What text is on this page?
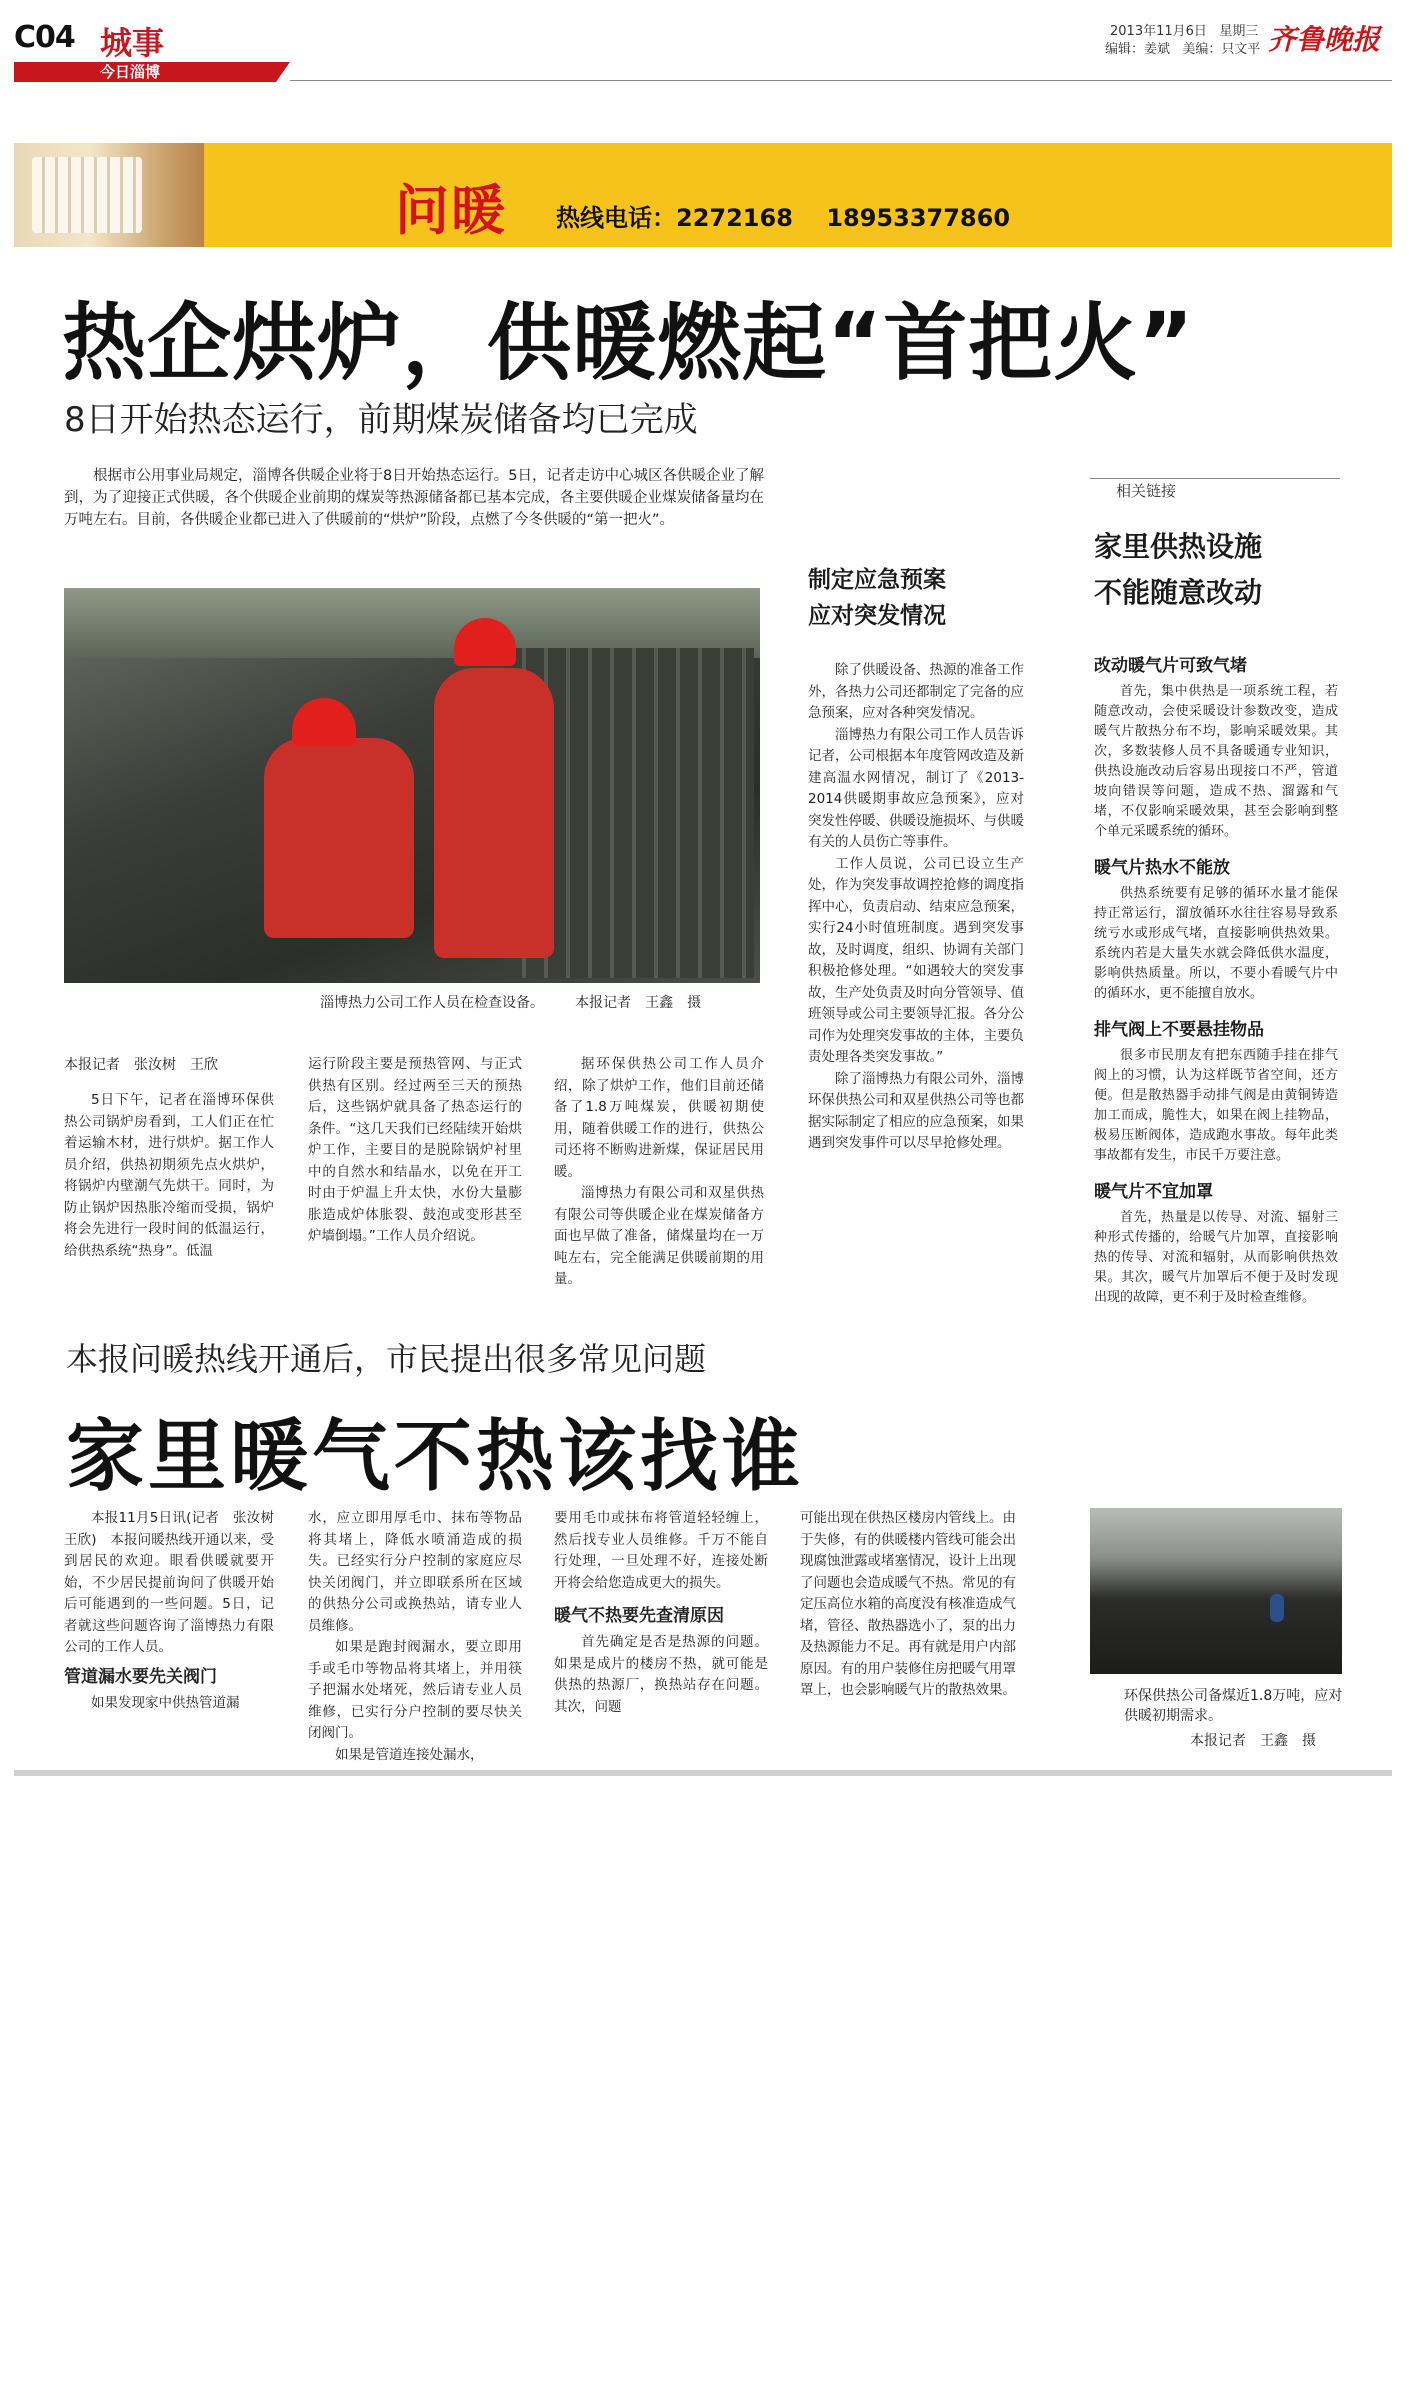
C04 城事
今日淄博
2013年11月6日 星期三
编辑：姜斌 美编：只文平 齐鲁晚报
问暖 热线电话：2272168 18953377860
热企烘炉，供暖燃起“首把火”
8日开始热态运行，前期煤炭储备均已完成

根据市公用事业局规定，淄博各供暖企业将于8日开始热态运行。5日，记者走访中心城区各供暖企业了解到，为了迎接正式供暖，各个供暖企业前期的煤炭等热源储备都已基本完成，各主要供暖企业煤炭储备量均在万吨左右。目前，各供暖企业都已进入了供暖前的“烘炉”阶段，点燃了今冬供暖的“第一把火”。

淄博热力公司工作人员在检查设备。 本报记者　王鑫　摄
本报记者　张汝树　王欣

5日下午，记者在淄博环保供热公司锅炉房看到，工人们正在忙着运输木材，进行烘炉。据工作人员介绍，供热初期须先点火烘炉，将锅炉内壁潮气先烘干。同时，为防止锅炉因热胀冷缩而受损，锅炉将会先进行一段时间的低温运行，给供热系统“热身”。低温

运行阶段主要是预热管网、与正式供热有区别。经过两至三天的预热后，这些锅炉就具备了热态运行的条件。“这几天我们已经陆续开始烘炉工作，主要目的是脱除锅炉衬里中的自然水和结晶水，以免在开工时由于炉温上升太快，水份大量膨胀造成炉体胀裂、鼓泡或变形甚至炉墙倒塌。”工作人员介绍说。

据环保供热公司工作人员介绍，除了烘炉工作，他们目前还储备了1.8万吨煤炭，供暖初期使用，随着供暖工作的进行，供热公司还将不断购进新煤，保证居民用暖。

淄博热力有限公司和双星供热有限公司等供暖企业在煤炭储备方面也早做了准备，储煤量均在一万吨左右，完全能满足供暖前期的用量。

制定应急预案
应对突发情况

除了供暖设备、热源的准备工作外，各热力公司还都制定了完备的应急预案，应对各种突发情况。

淄博热力有限公司工作人员告诉记者，公司根据本年度管网改造及新建高温水网情况，制订了《2013-2014供暖期事故应急预案》，应对突发性停暖、供暖设施损坏、与供暖有关的人员伤亡等事件。

工作人员说，公司已设立生产处，作为突发事故调控抢修的调度指挥中心，负责启动、结束应急预案，实行24小时值班制度。遇到突发事故，及时调度，组织、协调有关部门积极抢修处理。“如遇较大的突发事故，生产处负责及时向分管领导、值班领导或公司主要领导汇报。各分公司作为处理突发事故的主体，主要负责处理各类突发事故。”

除了淄博热力有限公司外，淄博环保供热公司和双星供热公司等也都据实际制定了相应的应急预案，如果遇到突发事件可以尽早抢修处理。

相关链接
家里供热设施
不能随意改动
改动暖气片可致气堵

首先，集中供热是一项系统工程，若随意改动，会使采暖设计参数改变，造成暖气片散热分布不均，影响采暖效果。其次，多数装修人员不具备暖通专业知识，供热设施改动后容易出现接口不严，管道坡向错误等问题，造成不热、溜露和气堵，不仅影响采暖效果，甚至会影响到整个单元采暖系统的循环。

暖气片热水不能放

供热系统要有足够的循环水量才能保持正常运行，溜放循环水往往容易导致系统亏水或形成气堵，直接影响供热效果。系统内若是大量失水就会降低供水温度，影响供热质量。所以，不要小看暖气片中的循环水，更不能擅自放水。

排气阀上不要悬挂物品

很多市民朋友有把东西随手挂在排气阀上的习惯，认为这样既节省空间，还方便。但是散热器手动排气阀是由黄铜铸造加工而成，脆性大，如果在阀上挂物品，极易压断阀体，造成跑水事故。每年此类事故都有发生，市民千万要注意。

暖气片不宜加罩

首先，热量是以传导、对流、辐射三种形式传播的，给暖气片加罩，直接影响热的传导、对流和辐射，从而影响供热效果。其次，暖气片加罩后不便于及时发现出现的故障，更不利于及时检查维修。

环保供热公司备煤近1.8万吨，应对供暖初期需求。
本报记者　王鑫　摄
本报问暖热线开通后，市民提出很多常见问题
家里暖气不热该找谁

本报11月5日讯(记者　张汝树　王欣)　本报问暖热线开通以来，受到居民的欢迎。眼看供暖就要开始，不少居民提前询问了供暖开始后可能遇到的一些问题。5日，记者就这些问题咨询了淄博热力有限公司的工作人员。

管道漏水要先关阀门

如果发现家中供热管道漏

水，应立即用厚毛巾、抹布等物品将其堵上，降低水喷涌造成的损失。已经实行分户控制的家庭应尽快关闭阀门，并立即联系所在区域的供热分公司或换热站，请专业人员维修。

如果是跑封阀漏水，要立即用手或毛巾等物品将其堵上，并用筷子把漏水处堵死，然后请专业人员维修，已实行分户控制的要尽快关闭阀门。

如果是管道连接处漏水，

要用毛巾或抹布将管道轻轻缠上，然后找专业人员维修。千万不能自行处理，一旦处理不好，连接处断开将会给您造成更大的损失。

暖气不热要先查清原因

首先确定是否是热源的问题。如果是成片的楼房不热，就可能是供热的热源厂，换热站存在问题。其次，问题

可能出现在供热区楼房内管线上。由于失修，有的供暖楼内管线可能会出现腐蚀泄露或堵塞情况，设计上出现了问题也会造成暖气不热。常见的有定压高位水箱的高度没有核准造成气堵，管径、散热器选小了，泵的出力及热源能力不足。再有就是用户内部原因。有的用户装修住房把暖气用罩罩上，也会影响暖气片的散热效果。
